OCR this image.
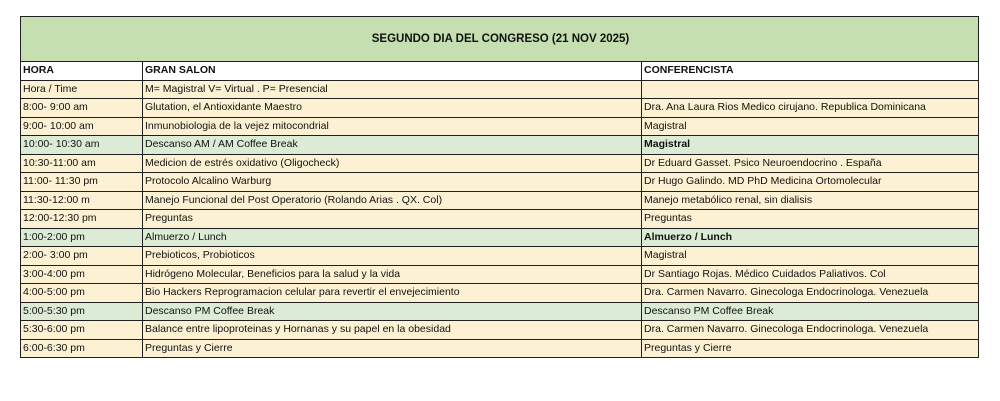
SEGUNDO DIA DEL CONGRESO (21 NOV 2025)		
HORA	GRAN SALON	CONFERENCISTA
Hora / Time	M= Magistral V= Virtual . P= Presencial	
8:00- 9:00 am	Glutation, el Antioxidante Maestro	Dra. Ana Laura Rios Medico cirujano. Republica Dominicana
9:00- 10:00 am	Inmunobiologia de la vejez mitocondrial	Magistral
10:00- 10:30 am	Descanso AM / AM Coffee Break	Magistral
10:30-11:00 am	Medicion de estrés oxidativo (Oligocheck)	Dr Eduard Gasset. Psico Neuroendocrino . España
11:00- 11:30 pm	Protocolo Alcalino Warburg	Dr Hugo Galindo. MD PhD Medicina Ortomolecular
11:30-12:00 m	Manejo Funcional del Post Operatorio (Rolando Arias . QX. Col)	Manejo metabólico renal, sin dialisis
12:00-12:30 pm	Preguntas	Preguntas
1:00-2:00 pm	Almuerzo / Lunch	Almuerzo / Lunch
2:00- 3:00 pm	Prebioticos, Probioticos	Magistral
3:00-4:00 pm	Hidrógeno Molecular, Beneficios para la salud y la vida	Dr Santiago Rojas. Médico Cuidados Paliativos. Col
4:00-5:00 pm	Bio Hackers Reprogramacion celular para revertir el envejecimiento	Dra. Carmen Navarro. Ginecologa Endocrinologa. Venezuela
5:00-5:30 pm	Descanso PM Coffee Break	Descanso PM Coffee Break
5:30-6:00 pm	Balance entre lipoproteinas y Hornanas y su papel en la obesidad	Dra. Carmen Navarro. Ginecologa Endocrinologa. Venezuela
6:00-6:30 pm	Preguntas y Cierre	Preguntas y Cierre
